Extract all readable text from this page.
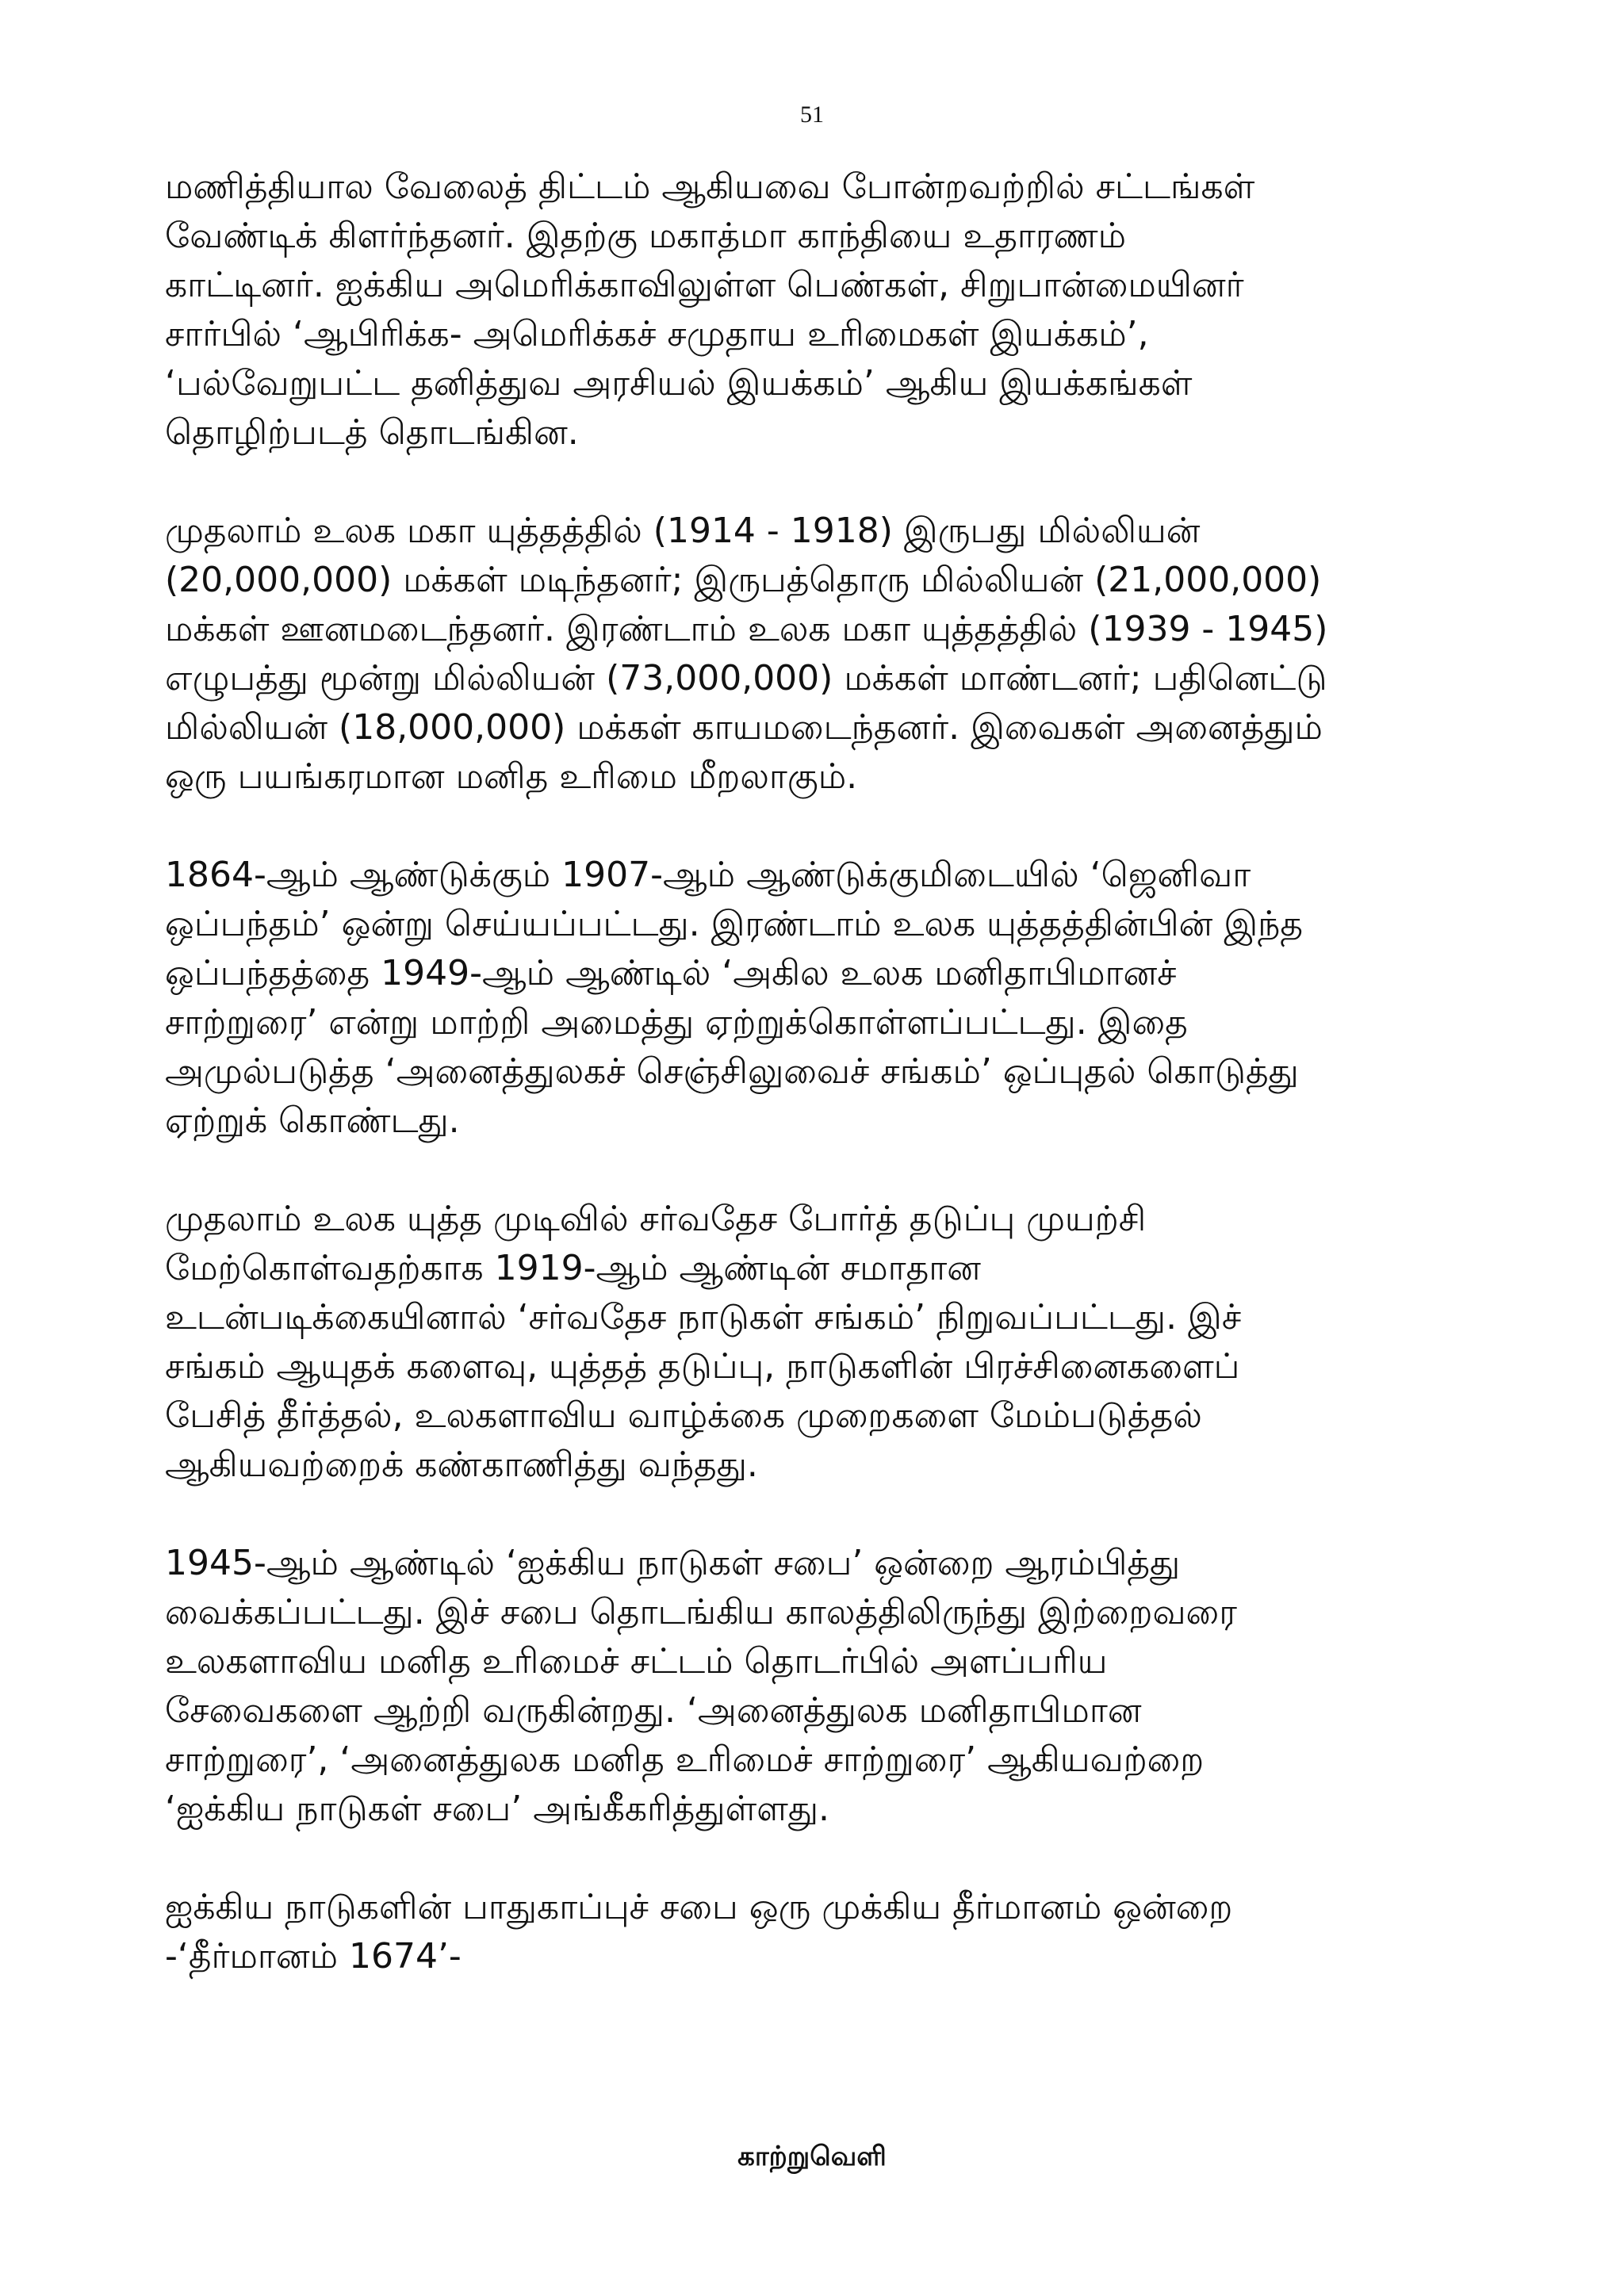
51
மணித்தியால வேலைத் திட்டம் ஆகியவை போன்றவற்றில் சட்டங்கள்
வேண்டிக் கிளர்ந்தனர். இதற்கு மகாத்மா காந்தியை உதாரணம்
காட்டினர். ஐக்கிய அமெரிக்காவிலுள்ள பெண்கள், சிறுபான்மையினர்
சார்பில் ‘ஆபிரிக்க- அமெரிக்கச் சமுதாய உரிமைகள் இயக்கம்’,
‘பல்வேறுபட்ட தனித்துவ அரசியல் இயக்கம்’ ஆகிய இயக்கங்கள்
தொழிற்படத் தொடங்கின.
முதலாம் உலக மகா யுத்தத்தில் (1914 - 1918) இருபது மில்லியன்
(20,000,000) மக்கள் மடிந்தனர்; இருபத்தொரு மில்லியன் (21,000,000)
மக்கள் ஊனமடைந்தனர். இரண்டாம் உலக மகா யுத்தத்தில் (1939 - 1945)
எழுபத்து மூன்று மில்லியன் (73,000,000) மக்கள் மாண்டனர்; பதினெட்டு
மில்லியன் (18,000,000) மக்கள் காயமடைந்தனர். இவைகள் அனைத்தும்
ஒரு பயங்கரமான மனித உரிமை மீறலாகும்.
1864-ஆம் ஆண்டுக்கும் 1907-ஆம் ஆண்டுக்குமிடையில் ‘ஜெனிவா
ஒப்பந்தம்’ ஒன்று செய்யப்பட்டது. இரண்டாம் உலக யுத்தத்தின்பின் இந்த
ஒப்பந்தத்தை 1949-ஆம் ஆண்டில் ‘அகில உலக மனிதாபிமானச்
சாற்றுரை’ என்று மாற்றி அமைத்து ஏற்றுக்கொள்ளப்பட்டது. இதை
அமுல்படுத்த ‘அனைத்துலகச் செஞ்சிலுவைச் சங்கம்’ ஒப்புதல் கொடுத்து
ஏற்றுக் கொண்டது.
முதலாம் உலக யுத்த முடிவில் சர்வதேச போர்த் தடுப்பு முயற்சி
மேற்கொள்வதற்காக 1919-ஆம் ஆண்டின் சமாதான
உடன்படிக்கையினால் ‘சர்வதேச நாடுகள் சங்கம்’ நிறுவப்பட்டது. இச்
சங்கம் ஆயுதக் களைவு, யுத்தத் தடுப்பு, நாடுகளின் பிரச்சினைகளைப்
பேசித் தீர்த்தல், உலகளாவிய வாழ்க்கை முறைகளை மேம்படுத்தல்
ஆகியவற்றைக் கண்காணித்து வந்தது.
1945-ஆம் ஆண்டில் ‘ஐக்கிய நாடுகள் சபை’ ஒன்றை ஆரம்பித்து
வைக்கப்பட்டது. இச் சபை தொடங்கிய காலத்திலிருந்து இற்றைவரை
உலகளாவிய மனித உரிமைச் சட்டம் தொடர்பில் அளப்பரிய
சேவைகளை ஆற்றி வருகின்றது. ‘அனைத்துலக மனிதாபிமான
சாற்றுரை’, ‘அனைத்துலக மனித உரிமைச் சாற்றுரை’ ஆகியவற்றை
‘ஐக்கிய நாடுகள் சபை’ அங்கீகரித்துள்ளது.
ஐக்கிய நாடுகளின் பாதுகாப்புச் சபை ஒரு முக்கிய தீர்மானம் ஒன்றை
-‘தீர்மானம் 1674’-
காற்றுவெளி
